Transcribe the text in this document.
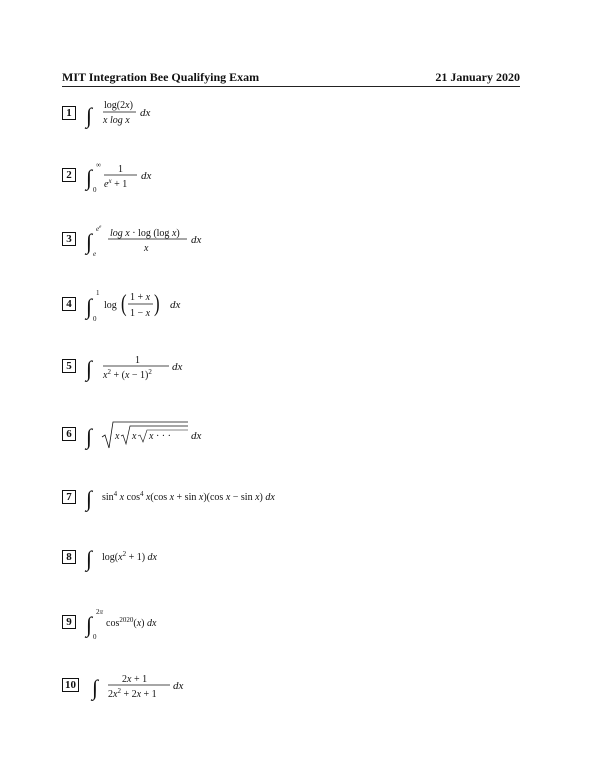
MIT Integration Bee Qualifying Exam	21 January 2020
1 ∫ log(2x)
x log x
dx
2 ∫ ∞
0
1
$e^x + 1$
dx
3 ∫ $e^e$
e
log x · log (log x)
x
dx
4 ∫
1
0
log ( 1 + x
1 − x ) dx
5 ∫	1
$x^2 + (x - 1)^2$ dx
6 ∫ x x x · · · dx
7 ∫ $\sin^4 x$ $\cos^4 x(\cos$ x + sin x)(cos x − sin x) dx
8 ∫ $\log(x^2 + 1)$ dx
9 ∫ 2π
0
$\cos^{2020}(x)$ dx
10 ∫ 2x + 1
$2x^2 + 2x + 1$
dx
